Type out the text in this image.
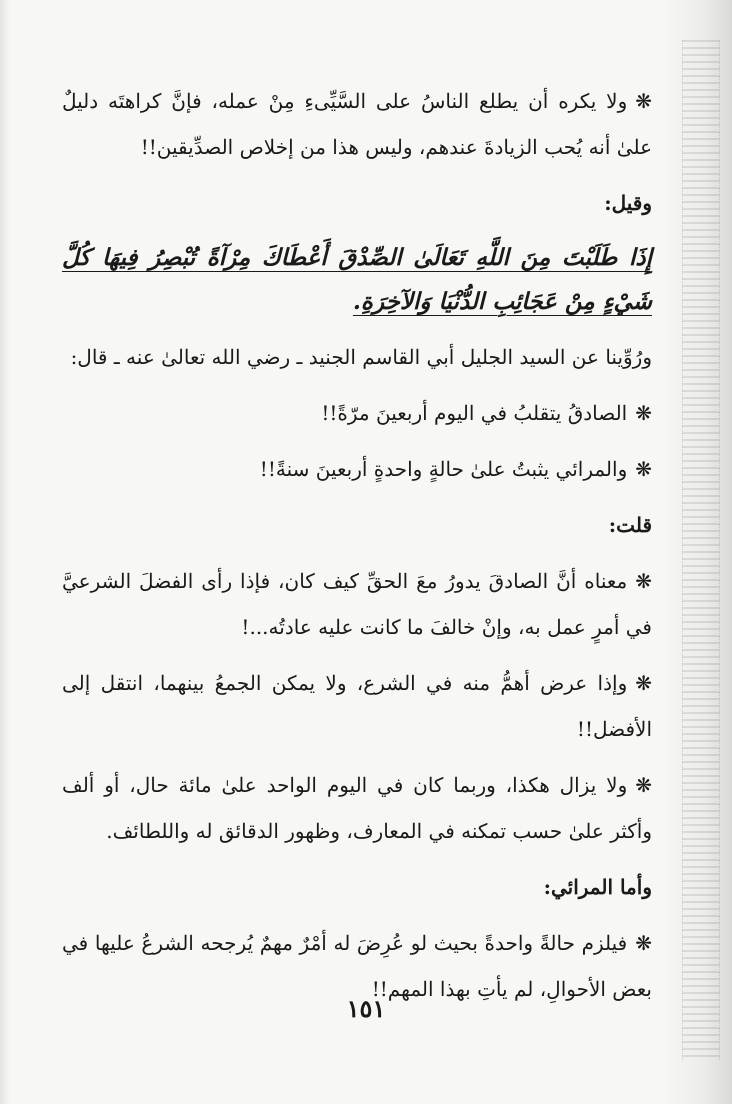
❋ولا يكره أن يطلع الناسُ على السَّيِّىءِ مِنْ عمله، فإنَّ كراهتَه دليلٌ علىٰ أنه يُحب الزيادةَ عندهم، وليس هذا من إخلاص الصدِّيقين!!

وقيل:

إِذَا طَلَبْتَ مِنَ اللَّهِ تَعَالَىٰ الصِّدْقَ أَعْطَاكَ مِرْآةً تُبْصِرُ فِيهَا كُلَّ شَيْءٍ مِنْ عَجَائِبِ الدُّنْيَا وَالآخِرَةِ.

ورُوِّينا عن السيد الجليل أبي القاسم الجنيد ـ رضي الله تعالىٰ عنه ـ قال:

❋الصادقُ يتقلبُ في اليوم أربعينَ مرّةً!!

❋والمرائي يثبتُ علىٰ حالةٍ واحدةٍ أربعينَ سنةً!!

قلت:

❋معناه أنَّ الصادقَ يدورُ معَ الحقِّ كيف كان، فإذا رأى الفضلَ الشرعيَّ في أمرٍ عمل به، وإنْ خالفَ ما كانت عليه عادتُه...!

❋وإذا عرض أهمُّ منه في الشرع، ولا يمكن الجمعُ بينهما، انتقل إلى الأفضل!!

❋ولا يزال هكذا، وربما كان في اليوم الواحد علىٰ مائة حال، أو ألف وأكثر علىٰ حسب تمكنه في المعارف، وظهور الدقائق له واللطائف.

وأما المرائي:

❋فيلزم حالةً واحدةً بحيث لو عُرِضَ له أمْرٌ مهمٌ يُرجحه الشرعُ عليها في بعض الأحوالِ، لم يأتِ بهذا المهم!!

١٥١
